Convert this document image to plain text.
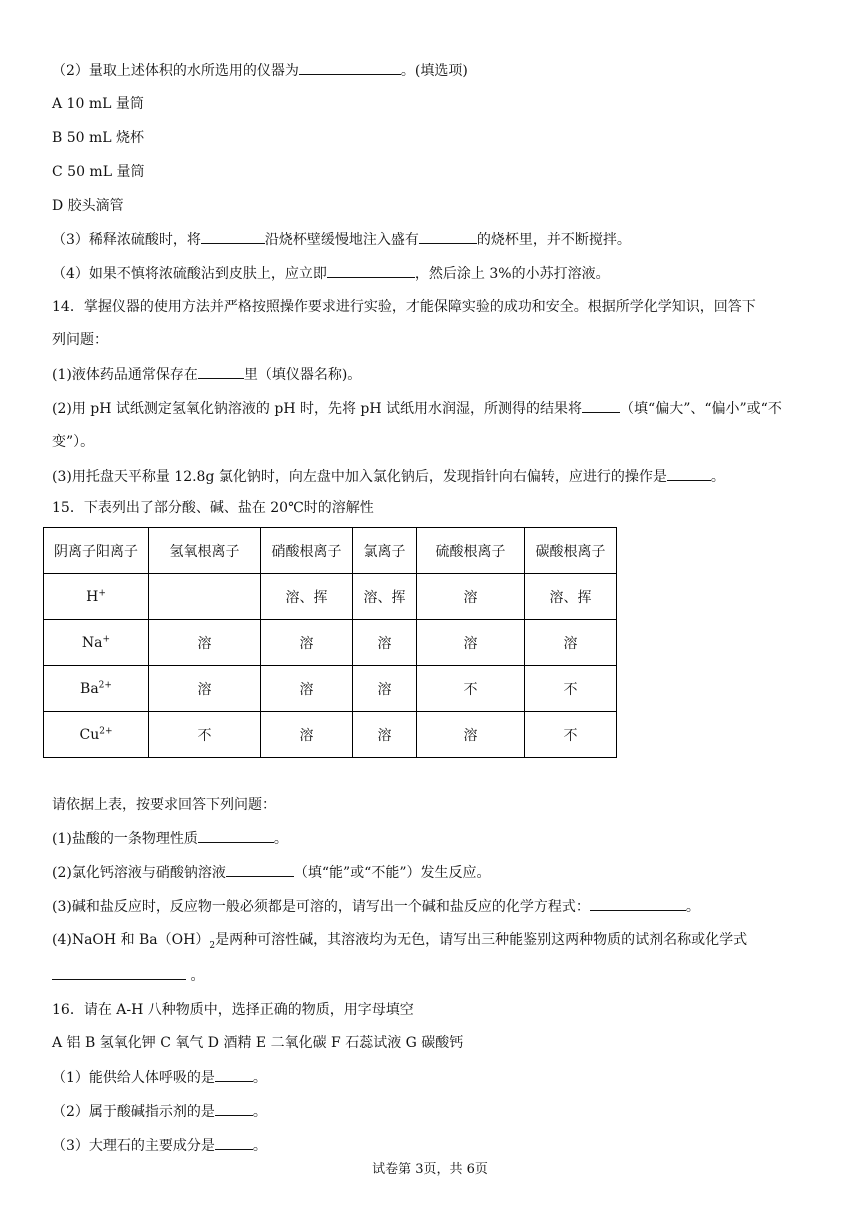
（2）量取上述体积的水所选用的仪器为	。(填选项)
A 10 mL 量筒
B 50 mL 烧杯
C 50 mL 量筒
D 胶头滴管
（3）稀释浓硫酸时，将	沿烧杯壁缓慢地注入盛有	的烧杯里，并不断搅拌。
（4）如果不慎将浓硫酸沾到皮肤上，应立即	，然后涂上 3%的小苏打溶液。
14．掌握仪器的使用方法并严格按照操作要求进行实验，才能保障实验的成功和安全。根据所学化学知识，回答下
列问题：
(1)液体药品通常保存在	里（填仪器名称)。
(2)用 pH 试纸测定氢氧化钠溶液的 pH 时，先将 pH 试纸用水润湿，所测得的结果将	（填“偏大”、“偏小”或“不
变”）。
(3)用托盘天平称量 12.8g 氯化钠时，向左盘中加入氯化钠后，发现指针向右偏转，应进行的操作是	。
15．下表列出了部分酸、碱、盐在 20℃时的溶解性
阴离子阳离子	氢氧根离子	硝酸根离子	氯离子	硫酸根离子	碳酸根离子
H+		溶、挥	溶、挥	溶	溶、挥
Na+	溶	溶	溶	溶	溶
$Ba^{2+}$	溶	溶	溶	不	不
$Cu^{2+}$	不	溶	溶	溶	不
请依据上表，按要求回答下列问题：
(1)盐酸的一条物理性质	。
(2)氯化钙溶液与硝酸钠溶液	（填“能”或“不能”）发生反应。
(3)碱和盐反应时，反应物一般必须都是可溶的，请写出一个碱和盐反应的化学方程式：	。
(4)NaOH 和 $Ba(OH)_2$是两种可溶性碱，其溶液均为无色，请写出三种能鉴别这两种物质的试剂名称或化学式
。
16．请在 A-H 八种物质中，选择正确的物质，用字母填空
A 铝 B 氢氧化钾 C 氧气 D 酒精 E 二氧化碳 F 石蕊试液 G 碳酸钙
（1）能供给人体呼吸的是	。
（2）属于酸碱指示剂的是	。
（3）大理石的主要成分是	。
试卷第 3页，共 6页
